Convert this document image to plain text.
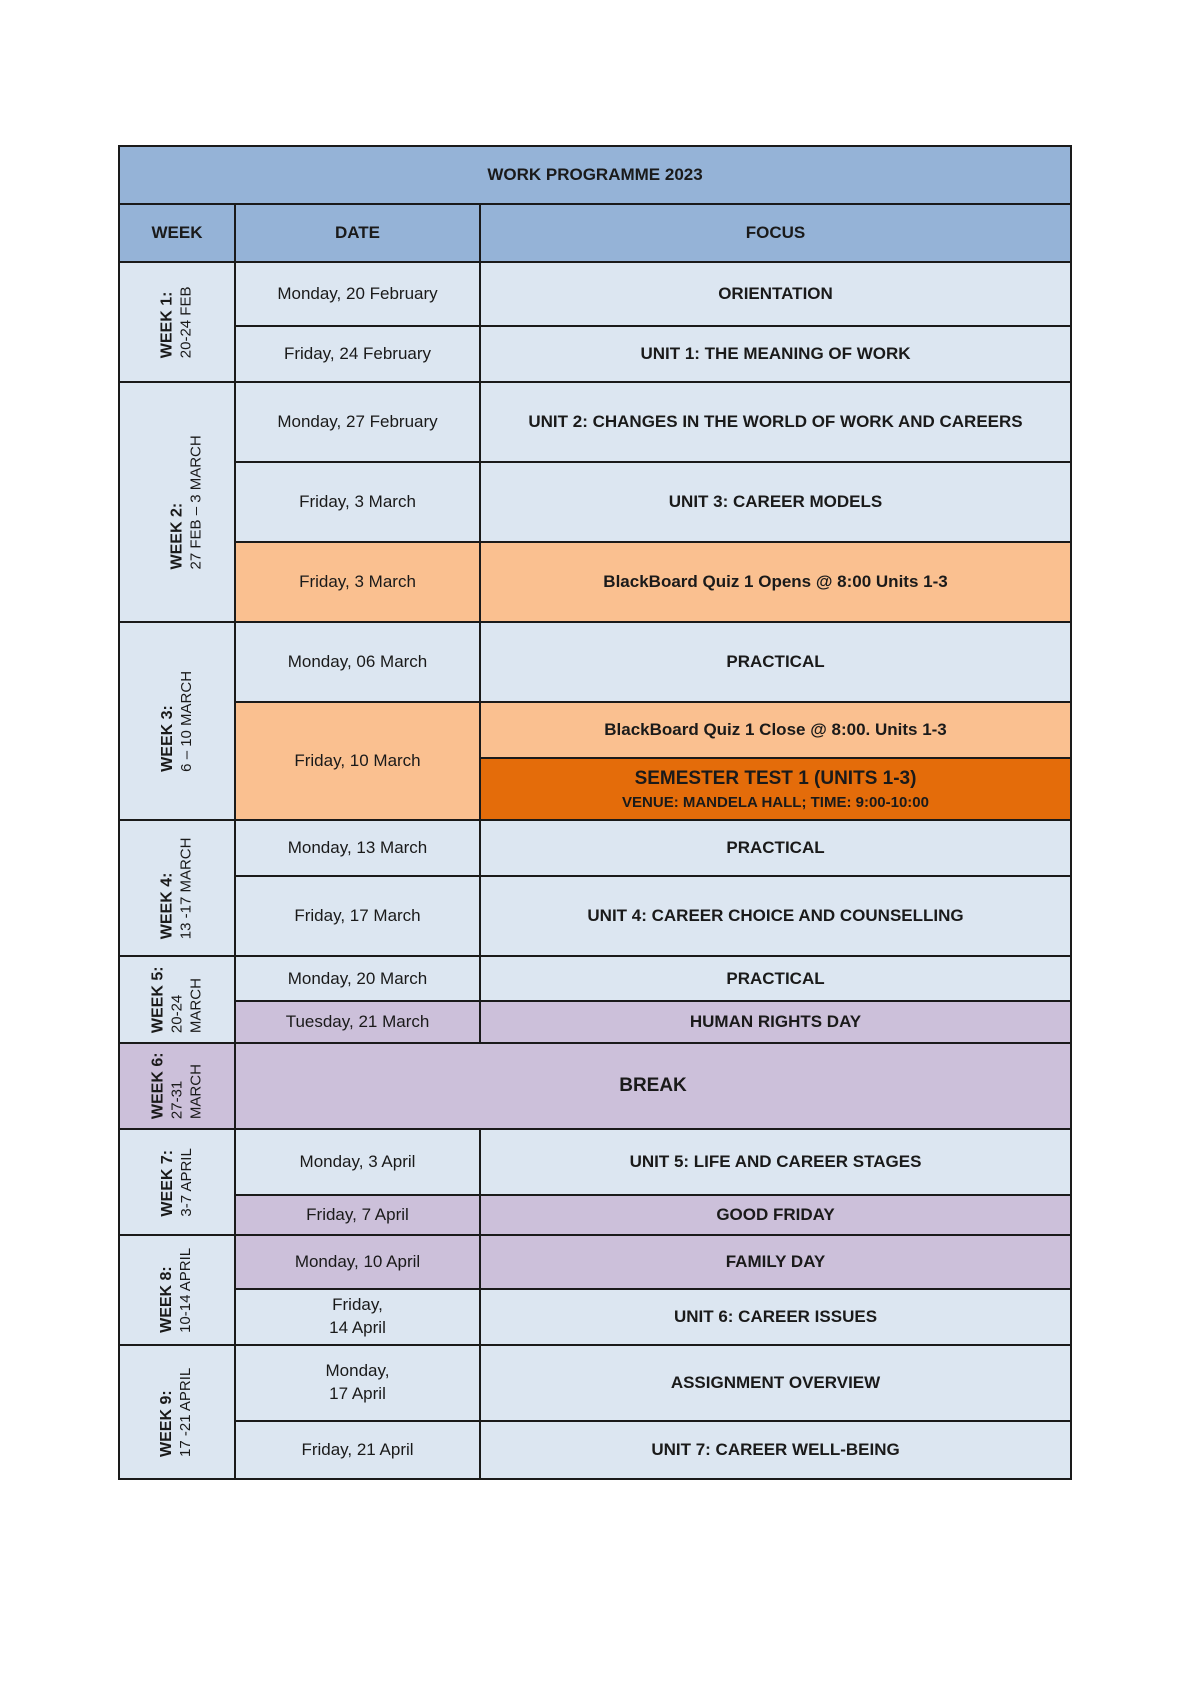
WORK PROGRAMME 2023		
WEEK	DATE	FOCUS

WEEK 1: 20-24 FEB	Monday, 20 February	ORIENTATION
	Friday, 24 February	UNIT 1: THE MEANING OF WORK

WEEK 2: 27 FEB – 3 MARCH	Monday, 27 February	UNIT 2: CHANGES IN THE WORLD OF WORK AND CAREERS
	Friday, 3 March	UNIT 3: CAREER MODELS
	Friday, 3 March	BlackBoard Quiz 1 Opens @ 8:00 Units 1-3

WEEK 3: 6 – 10 MARCH	Monday, 06 March	PRACTICAL
	Friday, 10 March	BlackBoard Quiz 1 Close @ 8:00. Units 1-3

		SEMESTER TEST 1 (UNITS 1-3)
VENUE: MANDELA HALL; TIME: 9:00-10:00

WEEK 4: 13 -17 MARCH	Monday, 13 March	PRACTICAL
	Friday, 17 March	UNIT 4: CAREER CHOICE AND COUNSELLING

WEEK 5: 20-24 MARCH	Monday, 20 March	PRACTICAL
	Tuesday, 21 March	HUMAN RIGHTS DAY

WEEK 6: 27-31 MARCH	BREAK	

WEEK 7: 3-7 APRIL	Monday, 3 April	UNIT 5: LIFE AND CAREER STAGES
	Friday, 7 April	GOOD FRIDAY

WEEK 8: 10-14 APRIL	Monday, 10 April	FAMILY DAY

	Friday,
14 April	UNIT 6: CAREER ISSUES

WEEK 9: 17 -21 APRIL	Monday,
17 April	ASSIGNMENT OVERVIEW
	Friday, 21 April	UNIT 7: CAREER WELL-BEING
